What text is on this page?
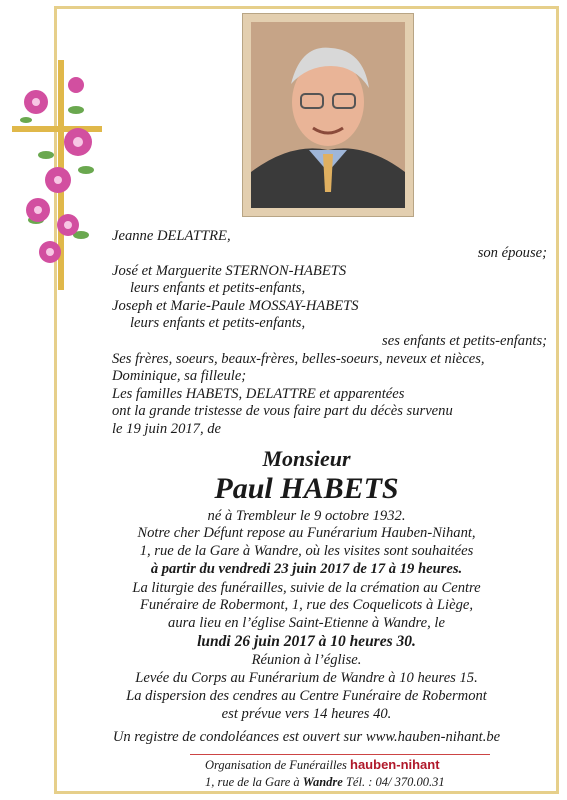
Jeanne DELATTRE,
son épouse;
José et Marguerite STERNON-HABETS
leurs enfants et petits-enfants,
Joseph et Marie-Paule MOSSAY-HABETS
leurs enfants et petits-enfants,
ses enfants et petits-enfants;
Ses frères, soeurs, beaux-frères, belles-soeurs, neveux et nièces,
Dominique, sa filleule;
Les familles HABETS, DELATTRE et apparentées
ont la grande tristesse de vous faire part du décès survenu
le 19 juin 2017, de
Monsieur
Paul HABETS
né à Trembleur le 9 octobre 1932.
Notre cher Défunt repose au Funérarium Hauben-Nihant,
1, rue de la Gare à Wandre, où les visites sont souhaitées
à partir du vendredi 23 juin 2017 de 17 à 19 heures.
La liturgie des funérailles, suivie de la crémation au Centre
Funéraire de Robermont, 1, rue des Coquelicots à Liège,
aura lieu en l’église Saint-Etienne à Wandre, le
lundi 26 juin 2017 à 10 heures 30.
Réunion à l’église.
Levée du Corps au Funérarium de Wandre à 10 heures 15.
La dispersion des cendres au Centre Funéraire de Robermont
est prévue vers 14 heures 40.
Un registre de condoléances est ouvert sur www.hauben-nihant.be
Organisation de Funérailles hauben-nihant
1, rue de la Gare à Wandre Tél. : 04/ 370.00.31
